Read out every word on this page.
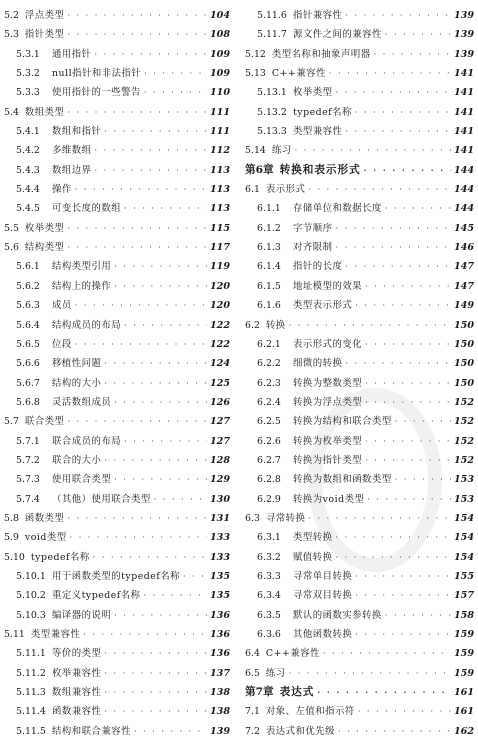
5.2 浮点类型 · · ·	104
5.3 指针类型 · · ·	108
5.3.1	通用指针 · · ·	109
5.3.2	null指针和非法指针 · · ·	109
5.3.3	使用指针的一些警告 · · ·	110
5.4 数组类型 · · ·	111
5.4.1	数组和指针 · · ·	111
5.4.2	多维数组 · · ·	112
5.4.3	数组边界 · · ·	113
5.4.4	操作 · · ·	113
5.4.5	可变长度的数组 · · ·	113
5.5 枚举类型 · · ·	115
5.6 结构类型 · · ·	117
5.6.1	结构类型引用 · · ·	119
5.6.2	结构上的操作 · · ·	120
5.6.3	成员 · · ·	120
5.6.4	结构成员的布局 · · ·	122
5.6.5	位段 · · ·	122
5.6.6	移植性问题 · · ·	124
5.6.7	结构的大小 · · ·	125
5.6.8	灵活数组成员 · · ·	126
5.7 联合类型 · · ·	127
5.7.1	联合成员的布局 · · ·	127
5.7.2	联合的大小 · · ·	128
5.7.3	使用联合类型 · · ·	129
5.7.4	（其他）使用联合类型 · · ·	130
5.8 函数类型 · · ·	131
5.9 void类型 · · ·	133
5.10 typedef名称 · · ·	133
5.10.1 用于函数类型的typedef名称 · · ·	135
5.10.2 重定义typedef名称 · · ·	135
5.10.3 编译器的说明 · · ·	136
5.11 类型兼容性 · · ·	136
5.11.1 等价的类型 · · ·	136
5.11.2 枚举兼容性 · · ·	137
5.11.3 数组兼容性 · · ·	138
5.11.4 函数兼容性 · · ·	138
5.11.5 结构和联合兼容性 · · ·	139
5.11.6 指针兼容性 · · ·	139
5.11.7 源文件之间的兼容性 · · ·	139
5.12 类型名称和抽象声明器 · · ·	139
5.13 C++兼容性 · · ·	141
5.13.1 枚举类型 · · ·	141
5.13.2 typedef名称 · · ·	141
5.13.3 类型兼容性 · · ·	141
5.14 练习 · · ·	141
第6章 转换和表示形式 · · ·	144
6.1 表示形式 · · ·	144
6.1.1	存储单位和数据长度 · · ·	144
6.1.2	字节顺序 · · ·	145
6.1.3	对齐限制 · · ·	146
6.1.4	指针的长度 · · ·	147
6.1.5	地址模型的效果 · · ·	147
6.1.6	类型表示形式 · · ·	149
6.2 转换 · · ·	150
6.2.1	表示形式的变化 · · ·	150
6.2.2	细微的转换 · · ·	150
6.2.3	转换为整数类型 · · ·	150
6.2.4	转换为浮点类型 · · ·	152
6.2.5	转换为结构和联合类型 · · ·	152
6.2.6	转换为枚举类型 · · ·	152
6.2.7	转换为指针类型 · · ·	152
6.2.8	转换为数组和函数类型 · · ·	153
6.2.9	转换为void类型 · · ·	153
6.3 寻常转换 · · ·	154
6.3.1	类型转换 · · ·	154
6.3.2	赋值转换 · · ·	154
6.3.3	寻常单目转换 · · ·	155
6.3.4	寻常双目转换 · · ·	157
6.3.5	默认的函数实参转换 · · ·	158
6.3.6	其他函数转换 · · ·	159
6.4 C++兼容性 · · ·	159
6.5 练习 · · ·	159
第7章 表达式 · · ·	161
7.1 对象、左值和指示符 · · ·	161
7.2 表达式和优先级 · · ·	162
